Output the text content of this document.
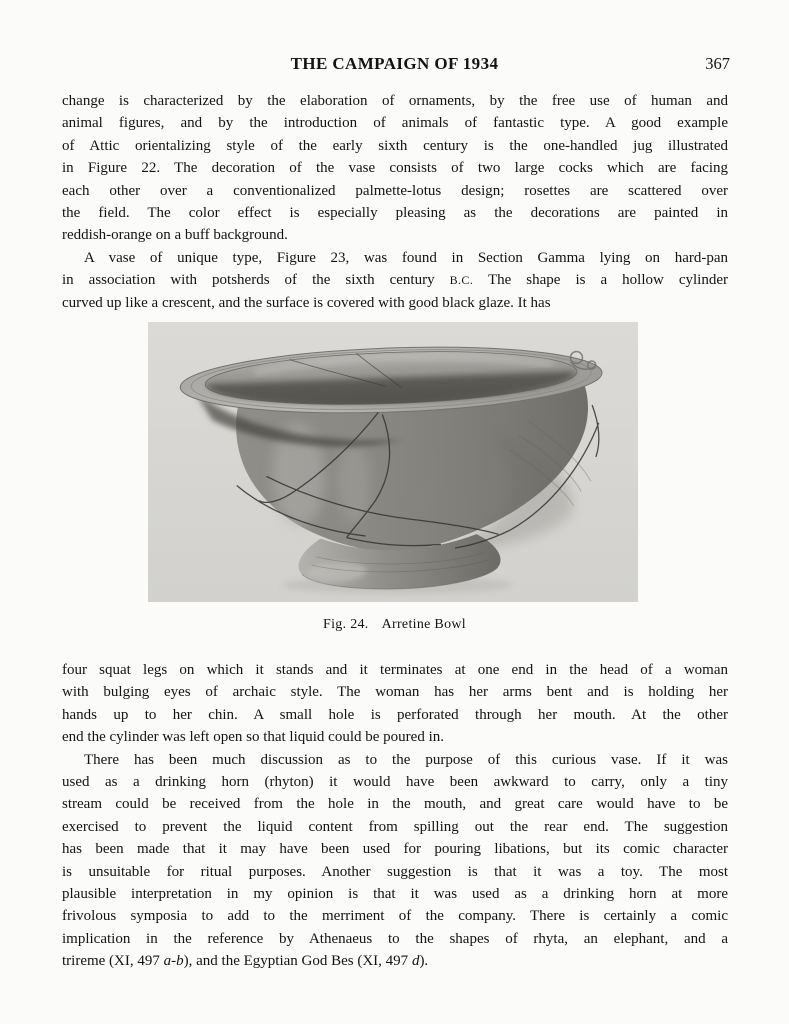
THE CAMPAIGN OF 1934	367
change is characterized by the elaboration of ornaments, by the free use of human and
animal figures, and by the introduction of animals of fantastic type. A good example
of Attic orientalizing style of the early sixth century is the one-handled jug illustrated
in Figure 22. The decoration of the vase consists of two large cocks which are facing
each other over a conventionalized palmette-lotus design; rosettes are scattered over
the field. The color effect is especially pleasing as the decorations are painted in
reddish-orange on a buff background.
A vase of unique type, Figure 23, was found in Section Gamma lying on hard-pan
in association with potsherds of the sixth century B.C. The shape is a hollow cylinder
curved up like a crescent, and the surface is covered with good black glaze. It has
Fig. 24. Arretine Bowl
four squat legs on which it stands and it terminates at one end in the head of a woman
with bulging eyes of archaic style. The woman has her arms bent and is holding her
hands up to her chin. A small hole is perforated through her mouth. At the other
end the cylinder was left open so that liquid could be poured in.
There has been much discussion as to the purpose of this curious vase. If it was
used as a drinking horn (rhyton) it would have been awkward to carry, only a tiny
stream could be received from the hole in the mouth, and great care would have to be
exercised to prevent the liquid content from spilling out the rear end. The suggestion
has been made that it may have been used for pouring libations, but its comic character
is unsuitable for ritual purposes. Another suggestion is that it was a toy. The most
plausible interpretation in my opinion is that it was used as a drinking horn at more
frivolous symposia to add to the merriment of the company. There is certainly a comic
implication in the reference by Athenaeus to the shapes of rhyta, an elephant, and a
trireme (XI, 497 a-b), and the Egyptian God Bes (XI, 497 d).
